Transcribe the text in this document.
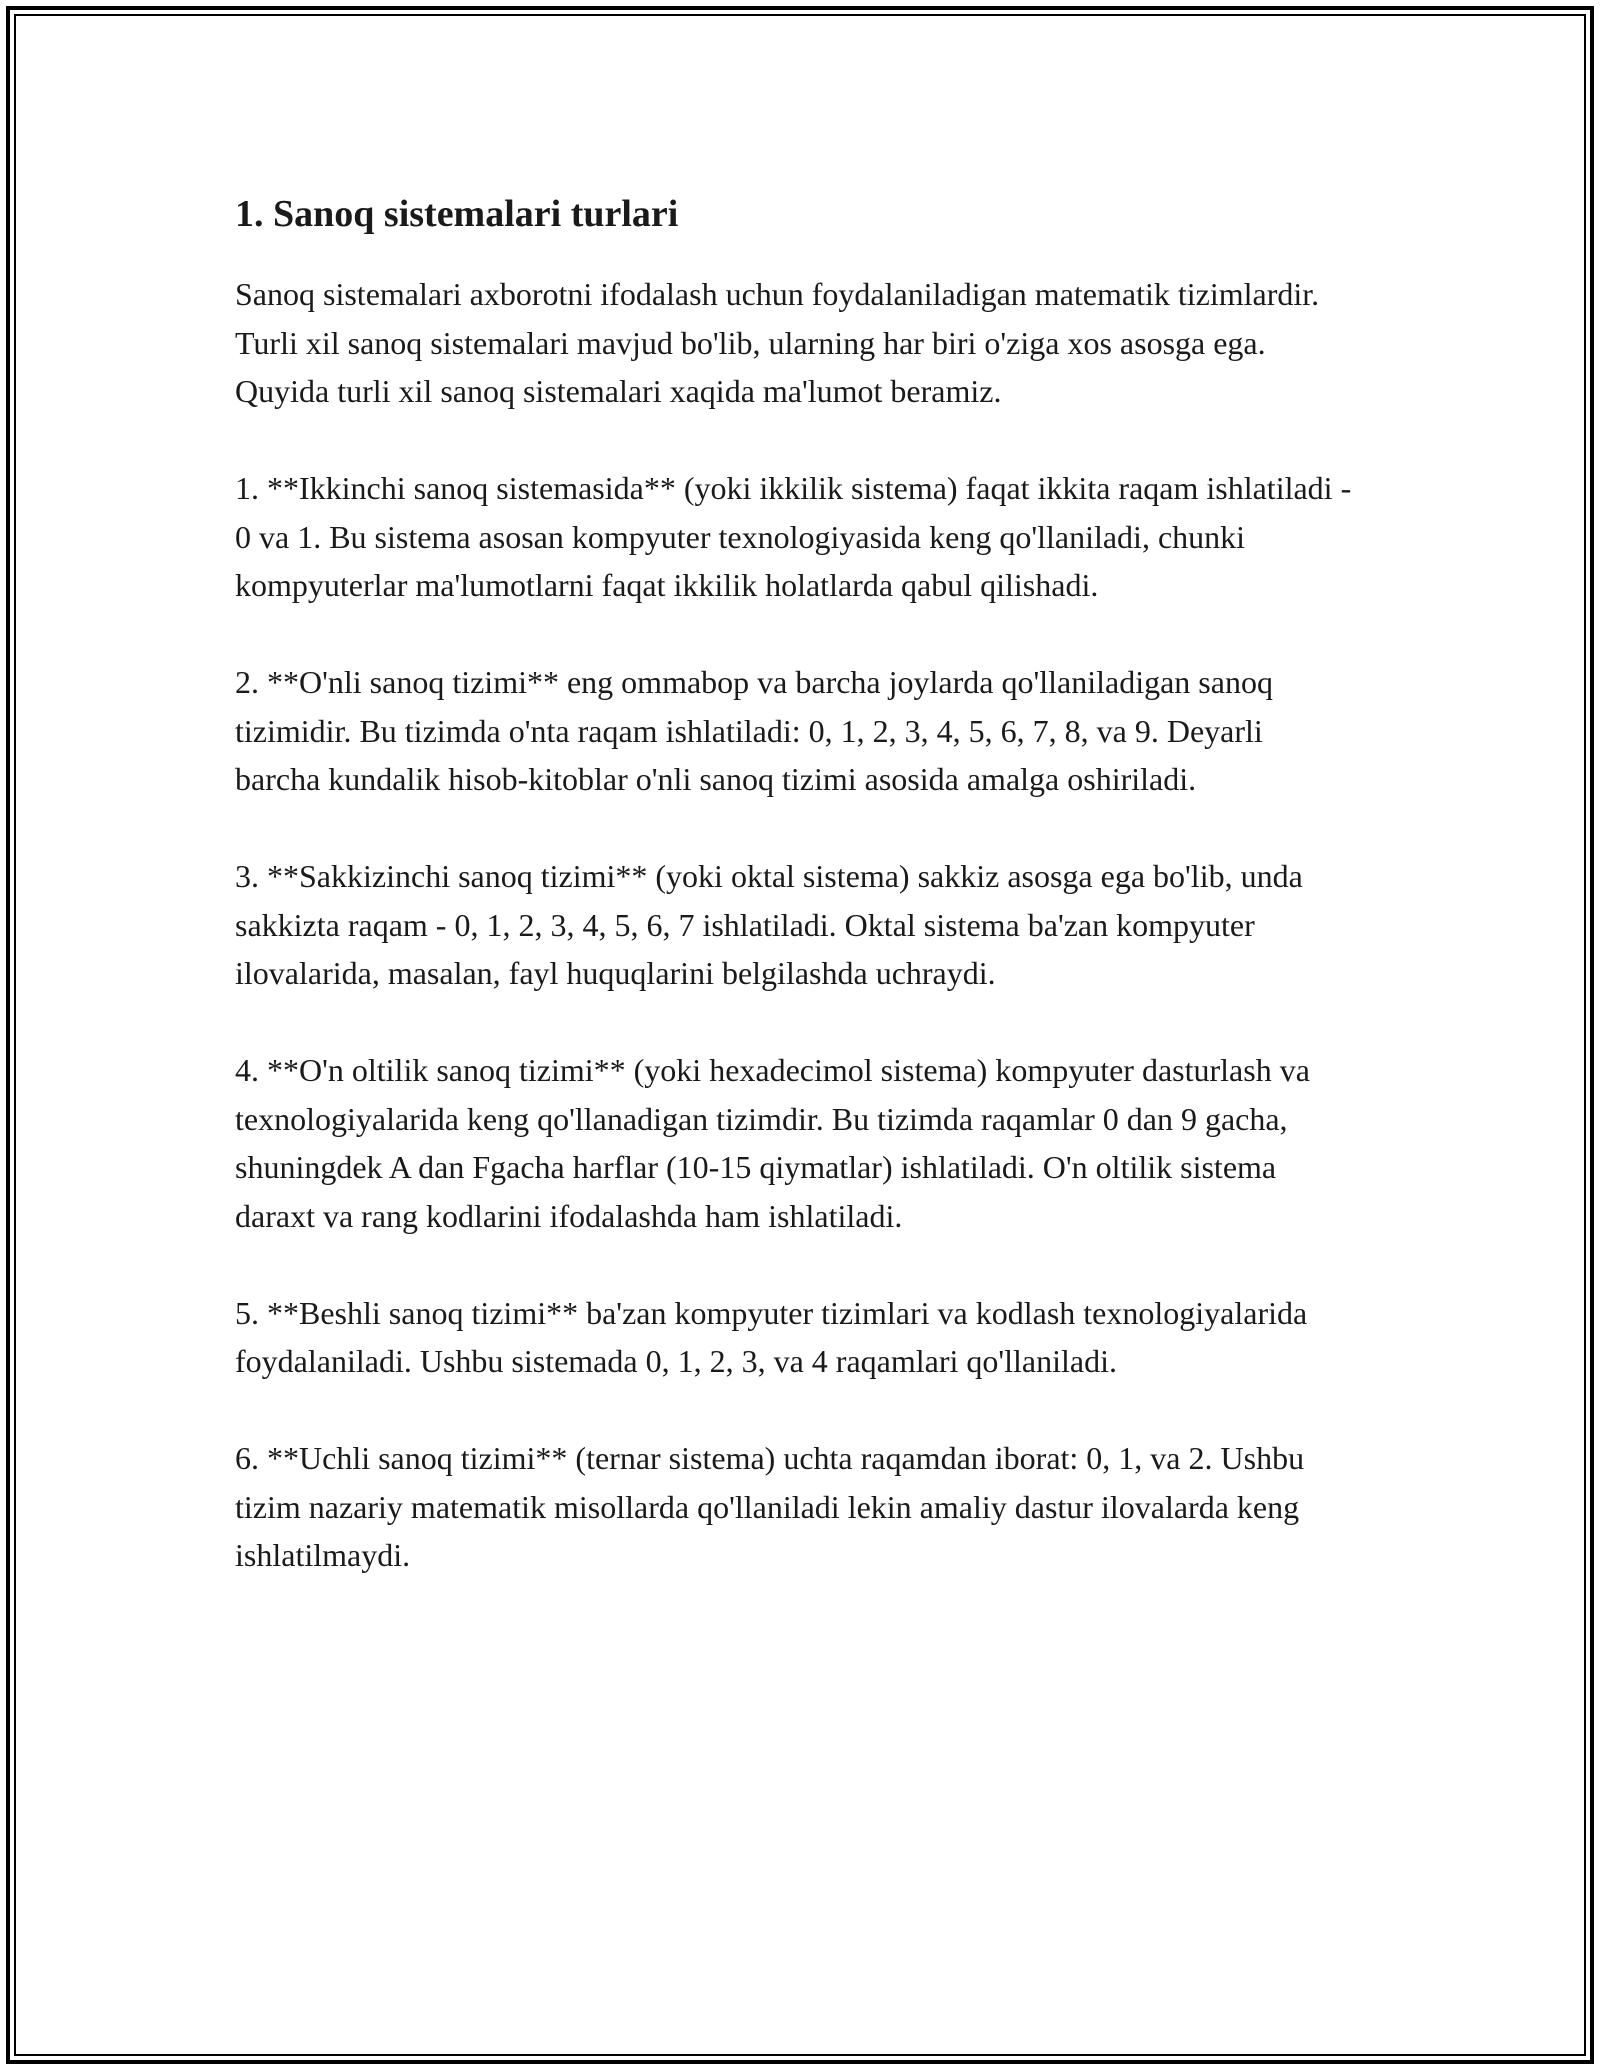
1. Sanoq sistemalari turlari

Sanoq sistemalari axborotni ifodalash uchun foydalaniladigan matematik tizimlardir. Turli xil sanoq sistemalari mavjud bo'lib, ularning har biri o'ziga xos asosga ega. Quyida turli xil sanoq sistemalari xaqida ma'lumot beramiz.

1. **Ikkinchi sanoq sistemasida** (yoki ikkilik sistema) faqat ikkita raqam ishlatiladi - 0 va 1. Bu sistema asosan kompyuter texnologiyasida keng qo'llaniladi, chunki kompyuterlar ma'lumotlarni faqat ikkilik holatlarda qabul qilishadi.

2. **O'nli sanoq tizimi** eng ommabop va barcha joylarda qo'llaniladigan sanoq tizimidir. Bu tizimda o'nta raqam ishlatiladi: 0, 1, 2, 3, 4, 5, 6, 7, 8, va 9. Deyarli barcha kundalik hisob-kitoblar o'nli sanoq tizimi asosida amalga oshiriladi.

3. **Sakkizinchi sanoq tizimi** (yoki oktal sistema) sakkiz asosga ega bo'lib, unda sakkizta raqam - 0, 1, 2, 3, 4, 5, 6, 7 ishlatiladi. Oktal sistema ba'zan kompyuter ilovalarida, masalan, fayl huquqlarini belgilashda uchraydi.

4. **O'n oltilik sanoq tizimi** (yoki hexadecimol sistema) kompyuter dasturlash va texnologiyalarida keng qo'llanadigan tizimdir. Bu tizimda raqamlar 0 dan 9 gacha, shuningdek A dan Fgacha harflar (10-15 qiymatlar) ishlatiladi. O'n oltilik sistema daraxt va rang kodlarini ifodalashda ham ishlatiladi.

5. **Beshli sanoq tizimi** ba'zan kompyuter tizimlari va kodlash texnologiyalarida foydalaniladi. Ushbu sistemada 0, 1, 2, 3, va 4 raqamlari qo'llaniladi.

6. **Uchli sanoq tizimi** (ternar sistema) uchta raqamdan iborat: 0, 1, va 2. Ushbu tizim nazariy matematik misollarda qo'llaniladi lekin amaliy dastur ilovalarda keng ishlatilmaydi.
